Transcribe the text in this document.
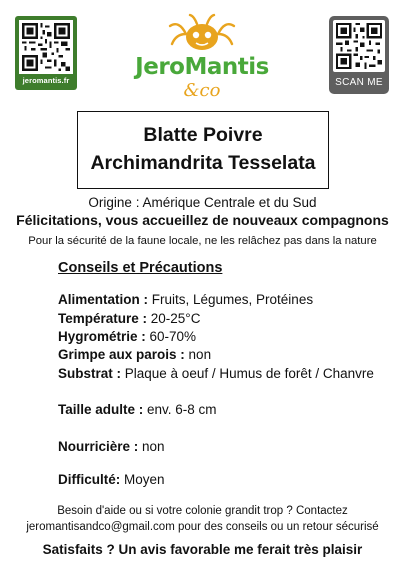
jeromantis.fr
JeroMantis
&co	SCAN ME
Blatte Poivre
Archimandrita Tesselata
Origine : Amérique Centrale et du Sud
Félicitations, vous accueillez de nouveaux compagnons
Pour la sécurité de la faune locale, ne les relâchez pas dans la nature
Conseils et Précautions
Alimentation : Fruits, Légumes, Protéines
Température : 20-25°C
Hygrométrie : 60-70%
Grimpe aux parois : non
Substrat : Plaque à oeuf / Humus de forêt / Chanvre
Taille adulte : env. 6-8 cm
Nourricière : non
Difficulté: Moyen
Besoin d'aide ou si votre colonie grandit trop ? Contactez
jeromantisandco@gmail.com pour des conseils ou un retour sécurisé
Satisfaits ? Un avis favorable me ferait très plaisir
